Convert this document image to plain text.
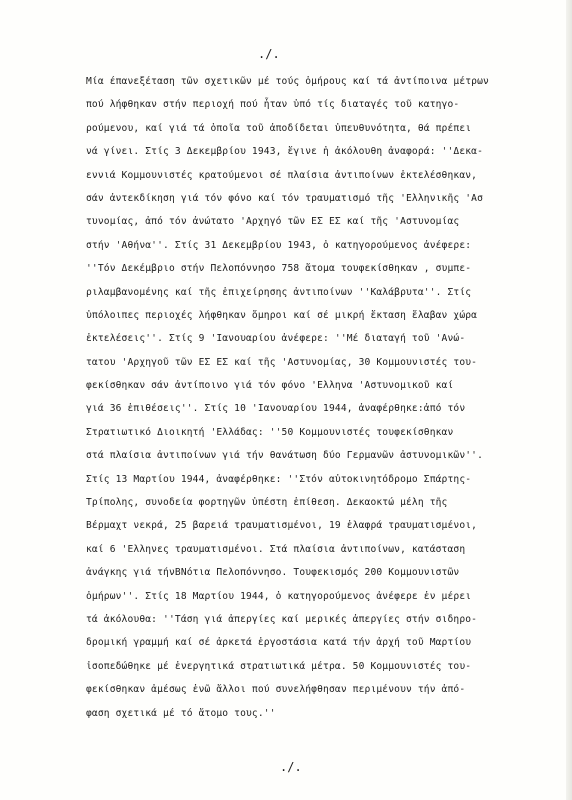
./.
Μία έπανεξέταση τῶν σχετικῶν μέ τούς ὀμήρους καί τά ἀντίποινα μέτρων
πού λήφθηκαν στήν περιοχή πού ἦταν ὑπό τίς διαταγές τοῦ κατηγο-
ρούμενου, καί γιά τά ὁποῖα τοῦ ἀποδίδεται ὑπευθυνότητα, θά πρέπει
νά γίνει. Στίς 3 Δεκεμβρίου 1943, ἔγινε ἡ ἀκόλουθη ἀναφορά: ''Δεκα-
εννιά Κομμουνιστές κρατούμενοι σέ πλαίσια ἀντιποίνων ἐκτελέσθηκαν,
σάν ἀντεκδίκηση γιά τόν φόνο καί τόν τραυματισμό τῆς 'Ελληνικῆς 'Ασ
τυνομίας, ἀπό τόν ἀνώτατο 'Αρχηγό τῶν ΕΣ ΕΣ καί τῆς 'Αστυνομίας
στήν 'Αθήνα''. Στίς 31 Δεκεμβρίου 1943, ὁ κατηγορούμενος ἀνέφερε:
''Τόν Δεκέμβριο στήν Πελοπόννησο 758 ἄτομα τουφεκίσθηκαν , συμπε-
ριλαμβανομένης καί τῆς ἐπιχείρησης ἀντιποίνων ''Καλάβρυτα''. Στίς
ὑπόλοιπες περιοχές λήφθηκαν ὄμηροι καί σέ μικρή ἔκταση ἔλαβαν χώρα
ἐκτελέσεις''. Στίς 9 'Ιανουαρίου ἀνέφερε: ''Μέ διαταγή τοῦ 'Ανώ-
τατου 'Αρχηγοῦ τῶν ΕΣ ΕΣ καί τῆς 'Αστυνομίας, 30 Κομμουνιστές του-
φεκίσθηκαν σάν ἀντίποινο γιά τόν φόνο 'Ελληνα 'Αστυνομικοῦ καί
γιά 36 ἐπιθέσεις''. Στίς 10 'Ιανουαρίου 1944, ἀναφέρθηκε:ἀπό τόν
Στρατιωτικό Διοικητή 'Ελλάδας: ''50 Κομμουνιστές τουφεκίσθηκαν
στά πλαίσια ἀντιποίνων γιά τήν θανάτωση δύο Γερμανῶν ἀστυνομικῶν''.
Στίς 13 Μαρτίου 1944, ἀναφέρθηκε: ''Στόν αὐτοκινητόδρομο Σπάρτης-
Τρίπολης, συνοδεία φορτηγῶν ὑπέστη ἐπίθεση. Δεκαοκτώ μέλη τῆς
Βέρμαχτ νεκρά, 25 βαρειά τραυματισμένοι, 19 ἐλαφρά τραυματισμένοι,
καί 6 'Ελληνες τραυματισμένοι. Στά πλαίσια ἀντιποίνων, κατάσταση
ἀνάγκης γιά τήνΒΝότια Πελοπόννησο. Τουφεκισμός 200 Κομμουνιστῶν
ὀμήρων''. Στίς 18 Μαρτίου 1944, ὁ κατηγορούμενος ἀνέφερε ἐν μέρει
τά ἀκόλουθα: ''Τάση γιά ἀπεργίες καί μερικές ἀπεργίες στήν σιδηρο-
δρομική γραμμή καί σέ ἀρκετά ἐργοστάσια κατά τήν ἀρχή τοῦ Μαρτίου
ἰσοπεδώθηκε μέ ἐνεργητικά στρατιωτικά μέτρα. 50 Κομμουνιστές του-
φεκίσθηκαν ἀμέσως ἐνῶ ἄλλοι πού συνελήφθησαν περιμένουν τήν ἀπό-
φαση σχετικά μέ τό ἄτομο τους.''
./.
